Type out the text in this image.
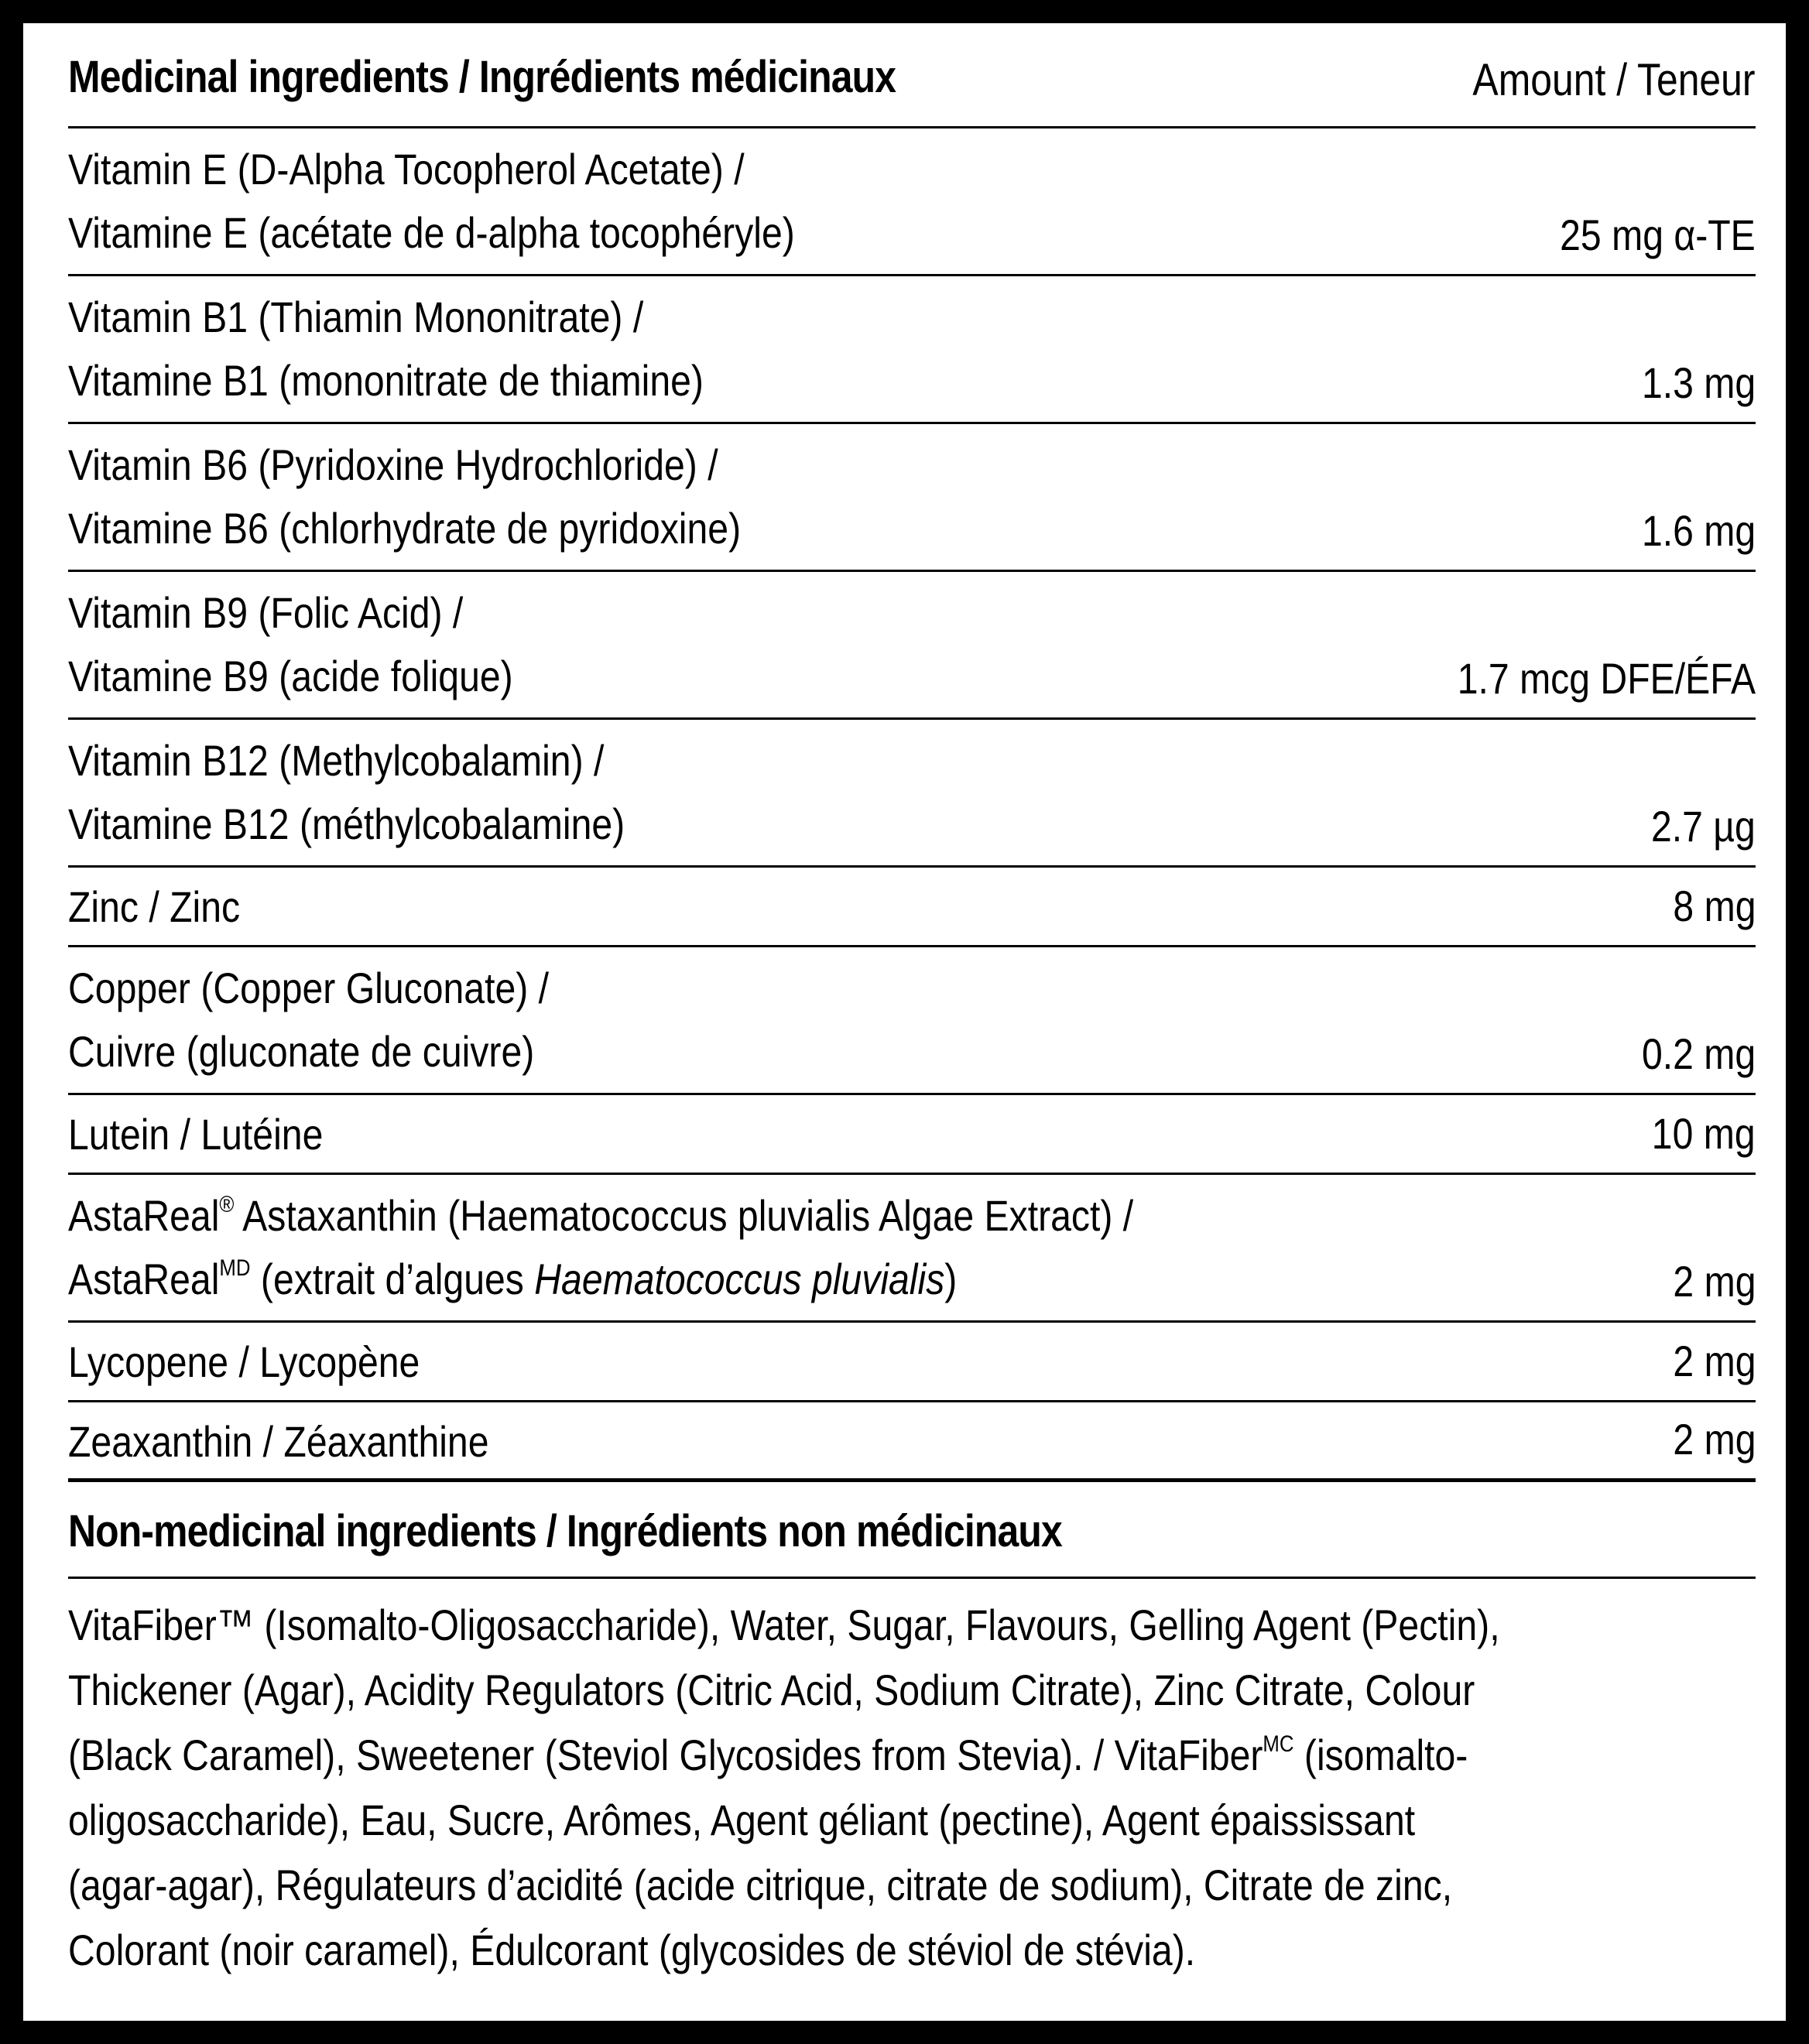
Medicinal ingredients / Ingrédients médicinaux	Amount / Teneur
Vitamin E (D-Alpha Tocopherol Acetate) /
Vitamine E (acétate de d-alpha tocophéryle)	25 mg α-TE
Vitamin B1 (Thiamin Mononitrate) /
Vitamine B1 (mononitrate de thiamine)	1.3 mg
Vitamin B6 (Pyridoxine Hydrochloride) /
Vitamine B6 (chlorhydrate de pyridoxine)	1.6 mg
Vitamin B9 (Folic Acid) /
Vitamine B9 (acide folique)	1.7 mcg DFE/ÉFA
Vitamin B12 (Methylcobalamin) /
Vitamine B12 (méthylcobalamine)	2.7 µg
Zinc / Zinc	8 mg
Copper (Copper Gluconate) /
Cuivre (gluconate de cuivre)	0.2 mg
Lutein / Lutéine	10 mg
AstaReal® Astaxanthin (Haematococcus pluvialis Algae Extract) /
AstaReal$^{MD}$ (extrait d’algues Haematococcus pluvialis)	2 mg
Lycopene / Lycopène	2 mg
Zeaxanthin / Zéaxanthine	2 mg
Non-medicinal ingredients / Ingrédients non médicinaux
VitaFiber™ (Isomalto-Oligosaccharide), Water, Sugar, Flavours, Gelling Agent (Pectin),
Thickener (Agar), Acidity Regulators (Citric Acid, Sodium Citrate), Zinc Citrate, Colour
(Black Caramel), Sweetener (Steviol Glycosides from Stevia). / VitaFiber$^{MC}$ (isomalto-
oligosaccharide), Eau, Sucre, Arômes, Agent géliant (pectine), Agent épaississant
(agar-agar), Régulateurs d’acidité (acide citrique, citrate de sodium), Citrate de zinc,
Colorant (noir caramel), Édulcorant (glycosides de stéviol de stévia).
